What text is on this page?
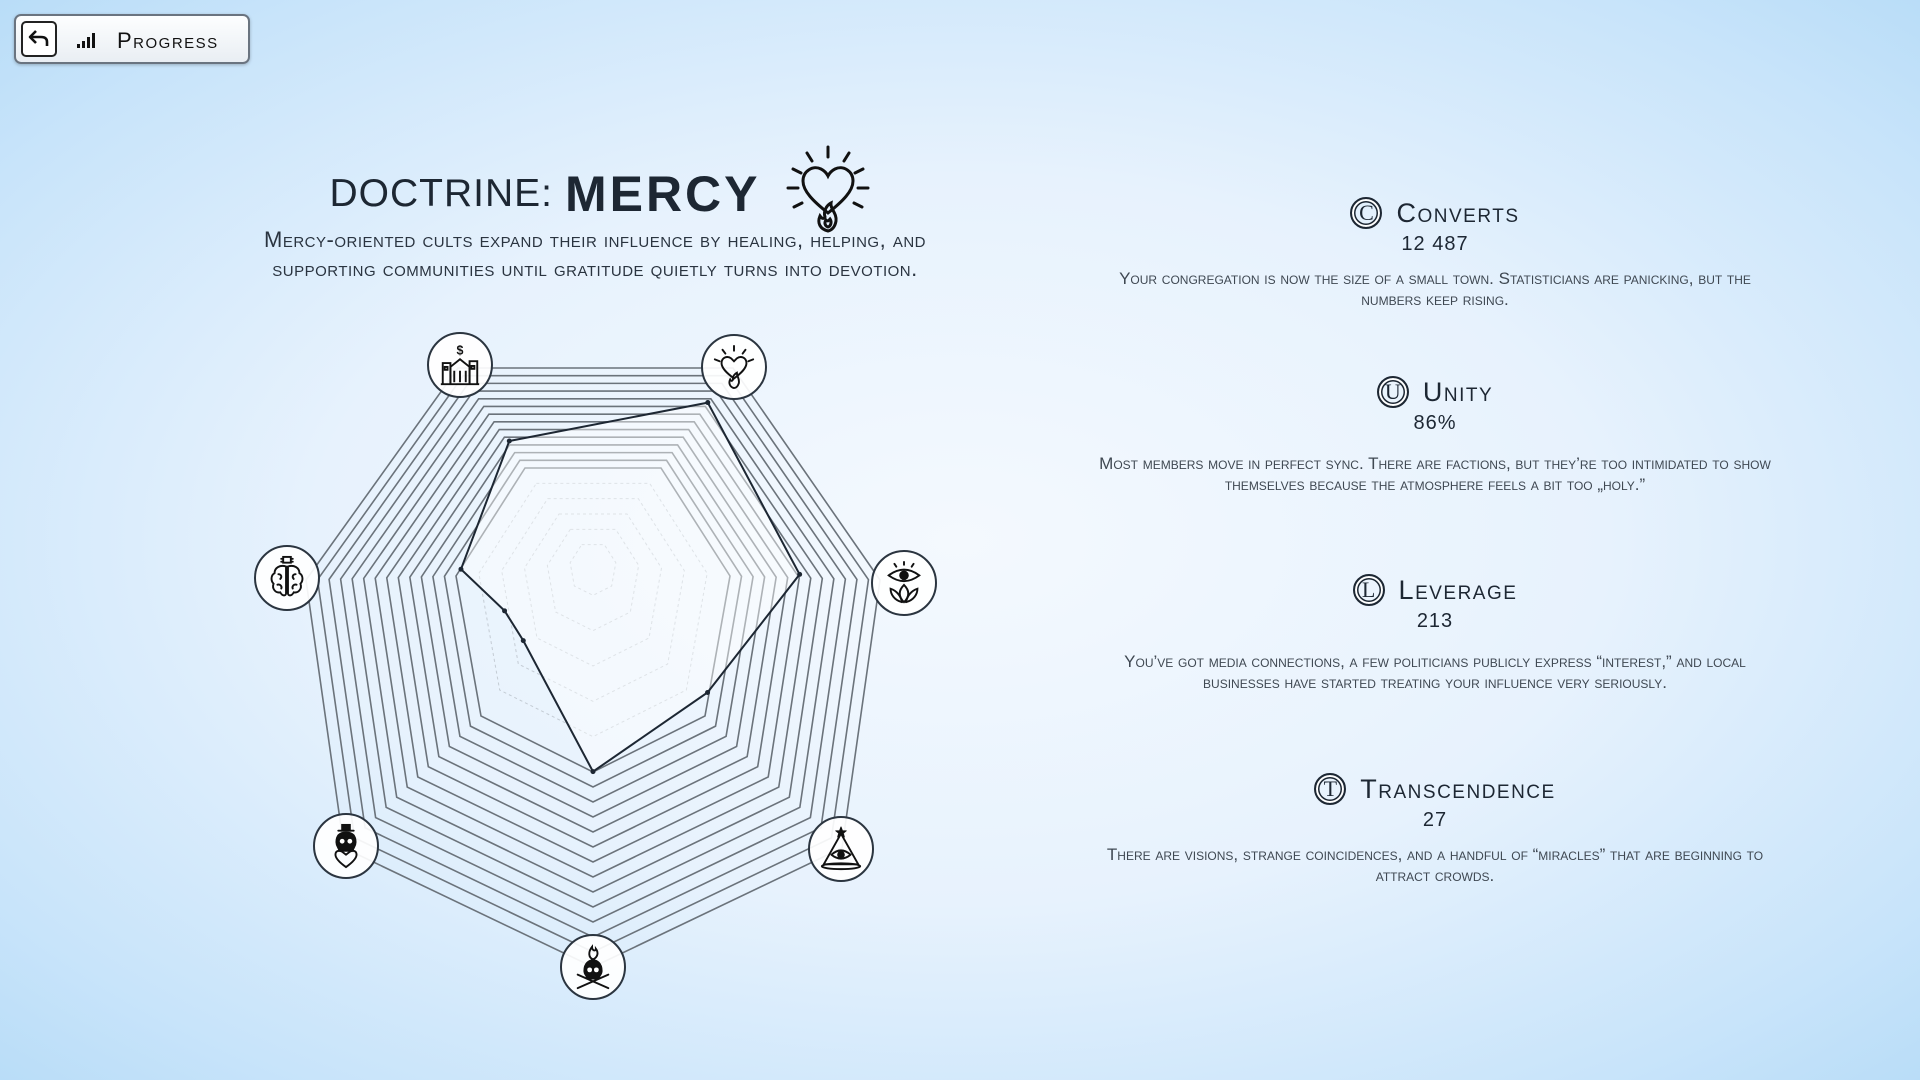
Progress
DOCTRINE: MERCY
Mercy-oriented cults expand their influence by healing, helping, and
supporting communities until gratitude quietly turns into devotion.
$
C Converts
12 487
Your congregation is now the size of a small town. Statisticians are panicking, but the numbers keep rising.
U Unity
86%
Most members move in perfect sync. There are factions, but they’re too intimidated to show themselves because the atmosphere feels a bit too „holy.”
L Leverage
213
You’ve got media connections, a few politicians publicly express “interest,” and local businesses have started treating your influence very seriously.
T Transcendence
27
There are visions, strange coincidences, and a handful of “miracles” that are beginning to attract crowds.
